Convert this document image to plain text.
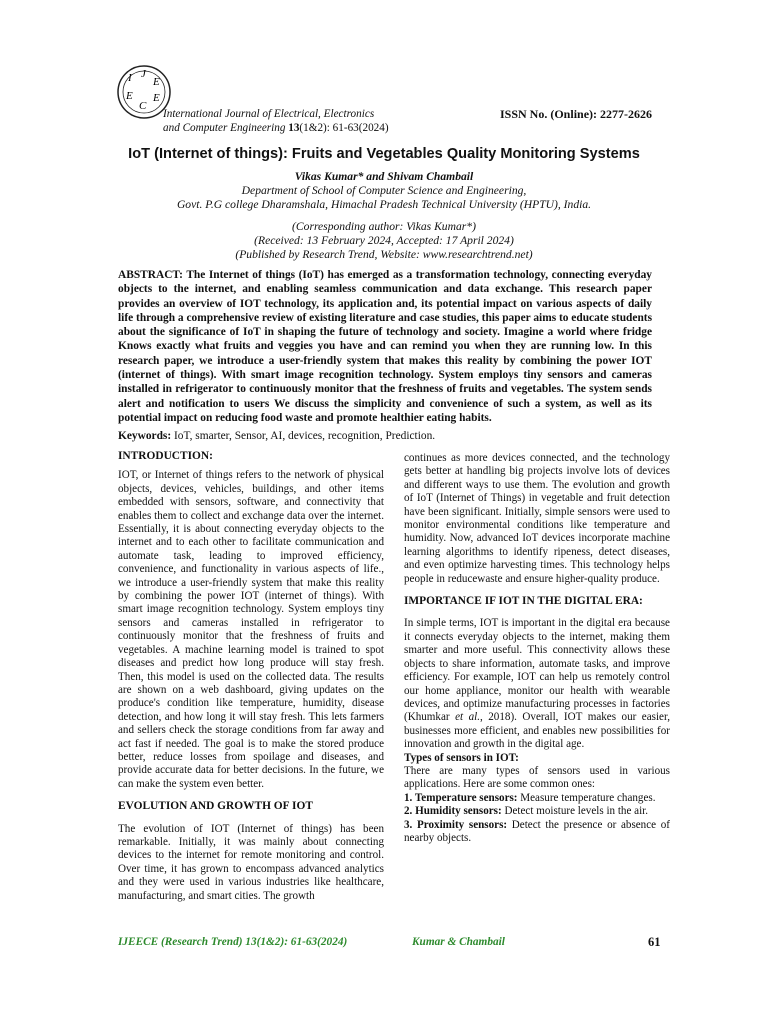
I J
E
E
C
E
International Journal of Electrical, Electronics
and Computer Engineering 13(1&2): 61-63(2024)
ISSN No. (Online): 2277-2626
IoT (Internet of things): Fruits and Vegetables Quality Monitoring Systems
Vikas Kumar* and Shivam Chambail
Department of School of Computer Science and Engineering,
Govt. P.G college Dharamshala, Himachal Pradesh Technical University (HPTU), India.
(Corresponding author: Vikas Kumar*)
(Received: 13 February 2024, Accepted: 17 April 2024)
(Published by Research Trend, Website: www.researchtrend.net)
ABSTRACT: The Internet of things (IoT) has emerged as a transformation technology, connecting everyday objects to the internet, and enabling seamless communication and data exchange. This research paper provides an overview of IOT technology, its application and, its potential impact on various aspects of daily life through a comprehensive review of existing literature and case studies, this paper aims to educate students about the significance of IoT in shaping the future of technology and society. Imagine a world where fridge Knows exactly what fruits and veggies you have and can remind you when they are running low. In this research paper, we introduce a user-friendly system that makes this reality by combining the power IOT (internet of things). With smart image recognition technology. System employs tiny sensors and cameras installed in refrigerator to continuously monitor that the freshness of fruits and vegetables. The system sends alert and notification to users We discuss the simplicity and convenience of such a system, as well as its potential impact on reducing food waste and promote healthier eating habits.
Keywords: IoT, smarter, Sensor, AI, devices, recognition, Prediction.

INTRODUCTION:

IOT, or Internet of things refers to the network of physical objects, devices, vehicles, buildings, and other items embedded with sensors, software, and connectivity that enables them to collect and exchange data over the internet. Essentially, it is about connecting everyday objects to the internet and to each other to facilitate communication and automate task, leading to improved efficiency, convenience, and functionality in various aspects of life., we introduce a user-friendly system that make this reality by combining the power IOT (internet of things). With smart image recognition technology. System employs tiny sensors and cameras installed in refrigerator to continuously monitor that the freshness of fruits and vegetables. A machine learning model is trained to spot diseases and predict how long produce will stay fresh. Then, this model is used on the collected data. The results are shown on a web dashboard, giving updates on the produce's condition like temperature, humidity, disease detection, and how long it will stay fresh. This lets farmers and sellers check the storage conditions from far away and act fast if needed. The goal is to make the stored produce better, reduce losses from spoilage and diseases, and provide accurate data for better decisions. In the future, we can make the system even better.

EVOLUTION AND GROWTH OF IOT

The evolution of IOT (Internet of things) has been remarkable. Initially, it was mainly about connecting devices to the internet for remote monitoring and control. Over time, it has grown to encompass advanced analytics and they were used in various industries like healthcare, manufacturing, and smart cities. The growth

continues as more devices connected, and the technology gets better at handling big projects involve lots of devices and different ways to use them. The evolution and growth of IoT (Internet of Things) in vegetable and fruit detection have been significant. Initially, simple sensors were used to monitor environmental conditions like temperature and humidity. Now, advanced IoT devices incorporate machine learning algorithms to identify ripeness, detect diseases, and even optimize harvesting times. This technology helps people in reducewaste and ensure higher-quality produce.

IMPORTANCE IF IOT IN THE DIGITAL ERA:

In simple terms, IOT is important in the digital era because it connects everyday objects to the internet, making them smarter and more useful. This connectivity allows these objects to share information, automate tasks, and improve efficiency. For example, IOT can help us remotely control our home appliance, monitor our health with wearable devices, and optimize manufacturing processes in factories (Khumkar et al., 2018). Overall, IOT makes our easier, businesses more efficient, and enables new possibilities for innovation and growth in the digital age.

Types of sensors in IOT:

There are many types of sensors used in various applications. Here are some common ones:

1. Temperature sensors: Measure temperature changes.

2. Humidity sensors: Detect moisture levels in the air.

3. Proximity sensors: Detect the presence or absence of nearby objects.

IJEECE (Research Trend) 13(1&2): 61-63(2024)	Kumar & Chambail	61
